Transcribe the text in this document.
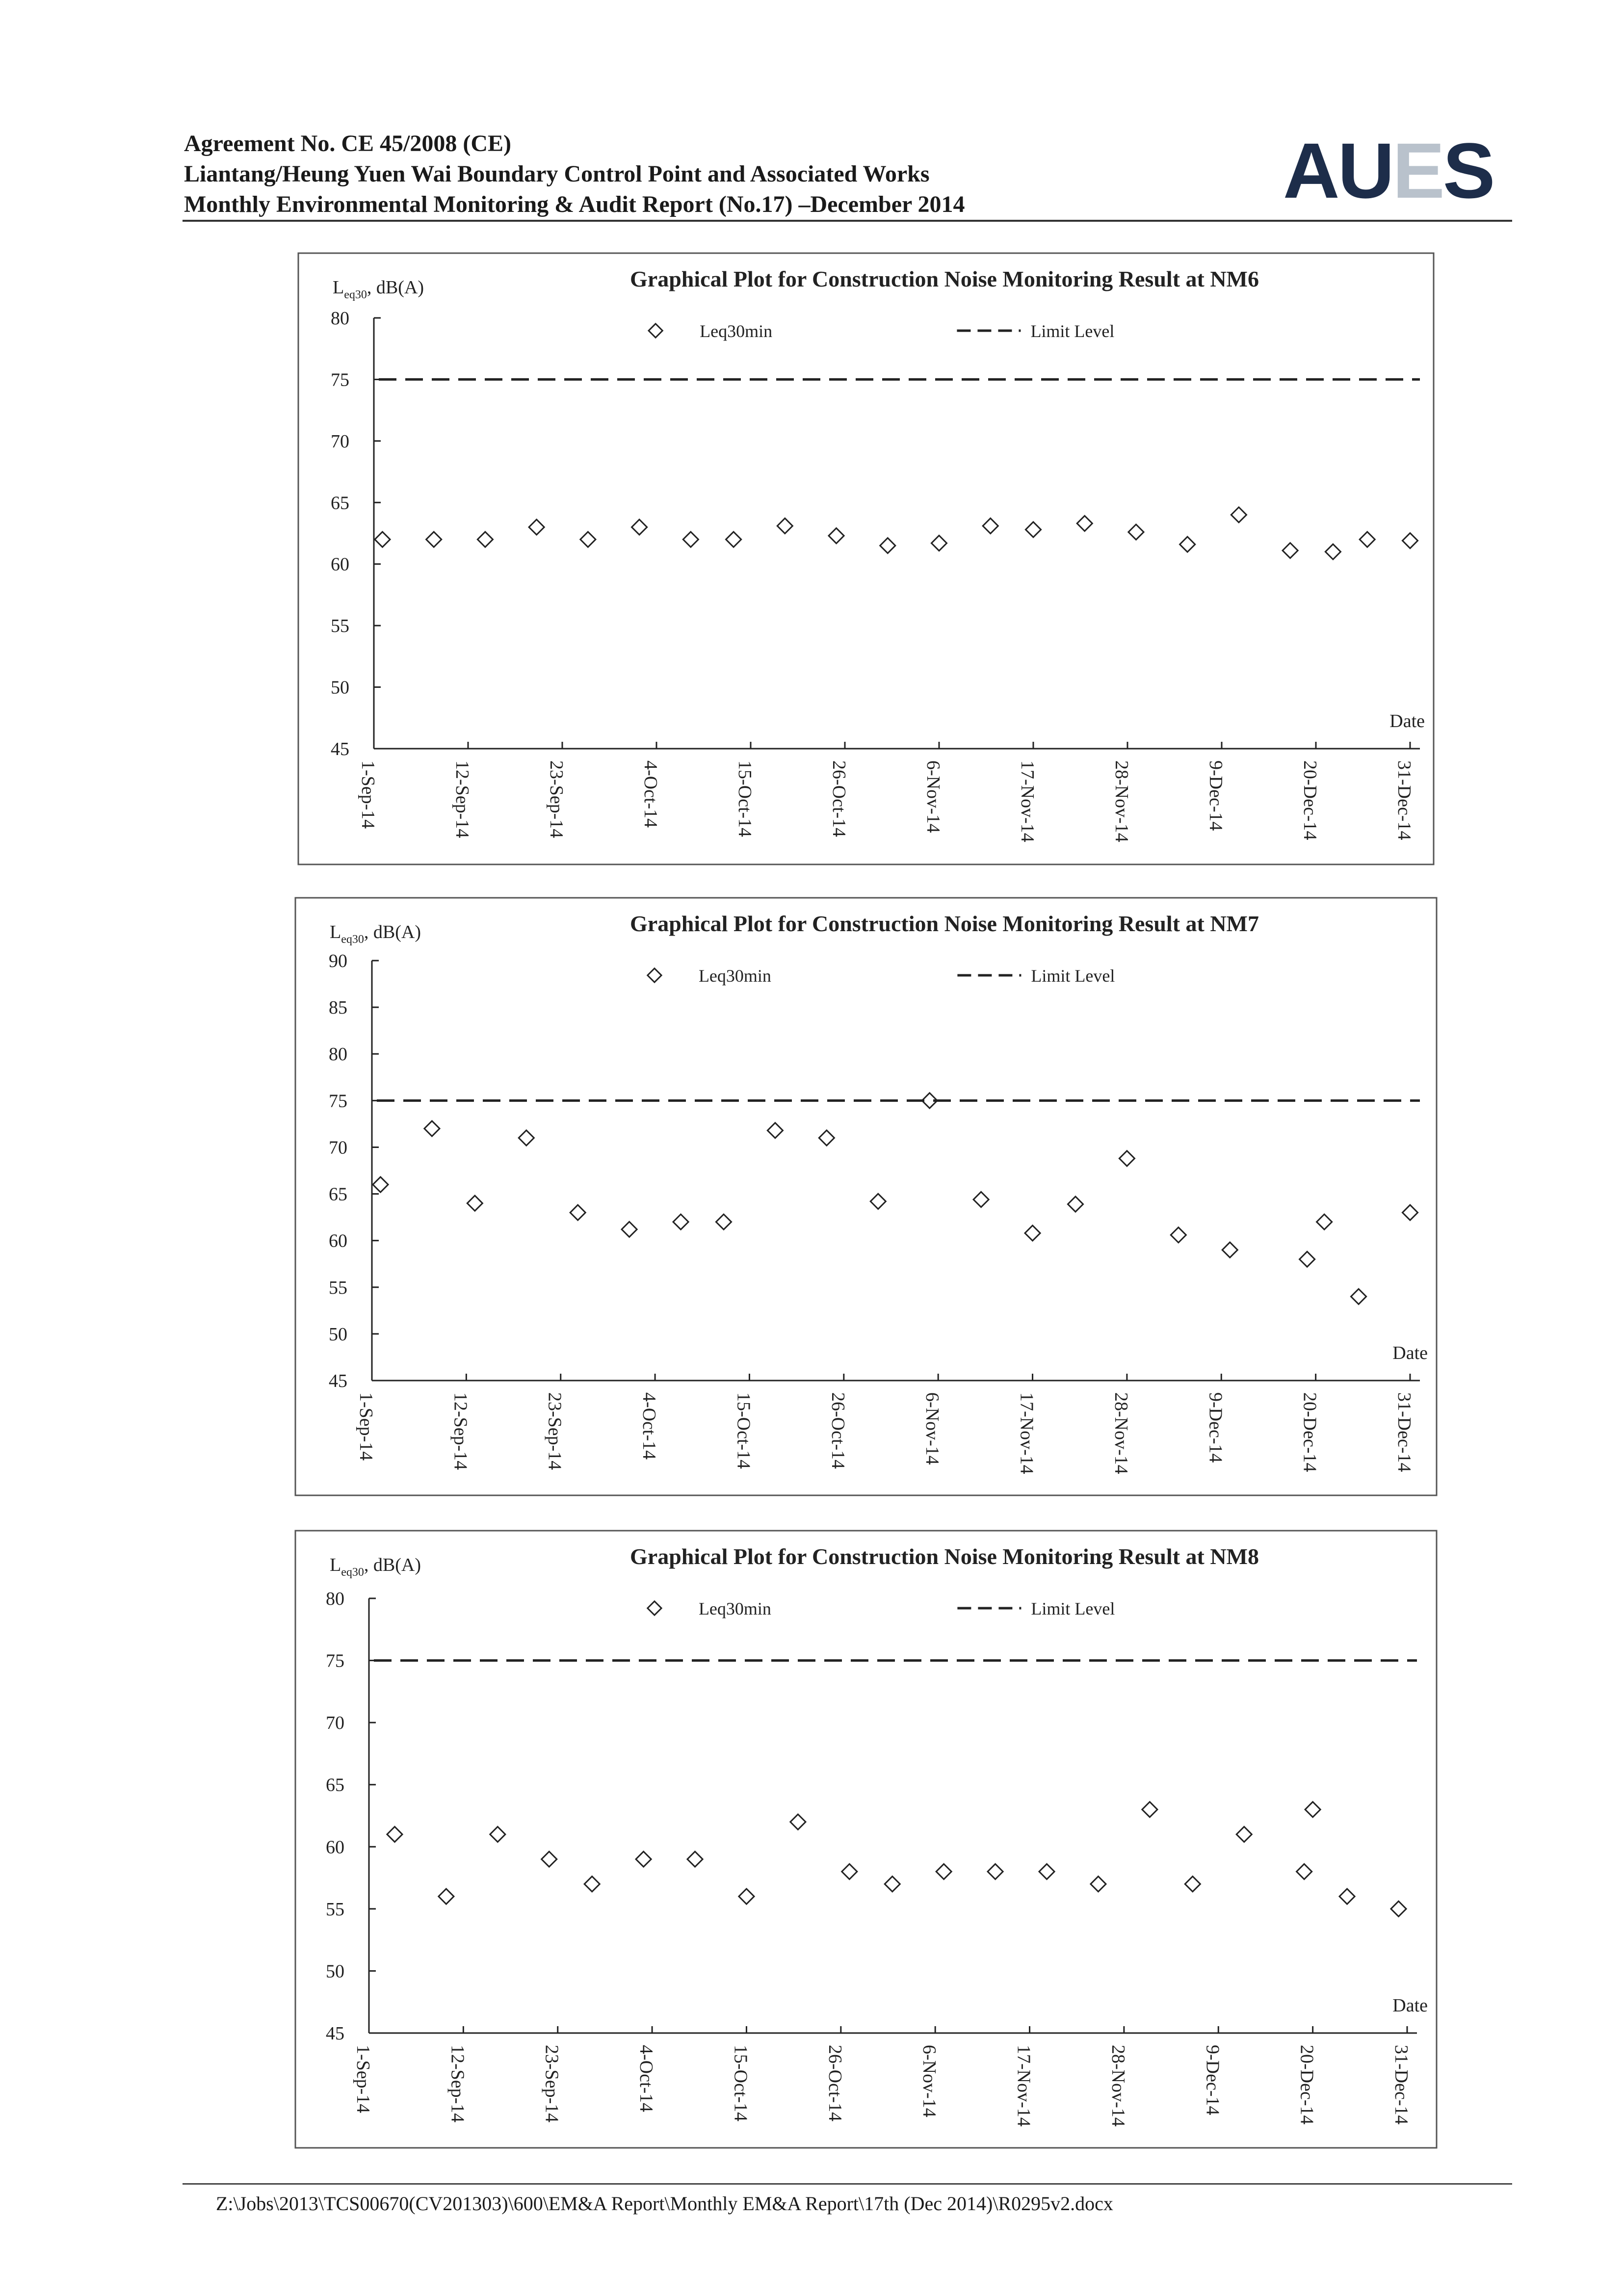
Agreement No. CE 45/2008 (CE)
Liantang/Heung Yuen Wai Boundary Control Point and Associated Works
Monthly Environmental Monitoring & Audit Report (No.17) –December 2014	AUES
Graphical Plot for Construction Noise Monitoring Result at NM6
$L_{eq30}$, dB(A)
Leq30min	Limit Level
45
50
55
60
65
70
75
80
1-Sep-14	12-Sep-14	23-Sep-14	4-Oct-14	15-Oct-14	26-Oct-14	6-Nov-14	17-Nov-14	28-Nov-14	9-Dec-14	20-Dec-14	31-Dec-14
Date
Graphical Plot for Construction Noise Monitoring Result at NM7
$L_{eq30}$, dB(A)
Leq30min	Limit Level
45
50
55
60
65
70
75
80
85
90
1-Sep-14	12-Sep-14	23-Sep-14	4-Oct-14	15-Oct-14	26-Oct-14	6-Nov-14	17-Nov-14	28-Nov-14	9-Dec-14	20-Dec-14	31-Dec-14
Date
Graphical Plot for Construction Noise Monitoring Result at NM8
$L_{eq30}$, dB(A)
Leq30min	Limit Level
45
50
55
60
65
70
75
80
1-Sep-14	12-Sep-14	23-Sep-14	4-Oct-14	15-Oct-14	26-Oct-14	6-Nov-14	17-Nov-14	28-Nov-14	9-Dec-14	20-Dec-14	31-Dec-14
Date
Z:\Jobs\2013\TCS00670(CV201303)\600\EM&A Report\Monthly EM&A Report\17th (Dec 2014)\R0295v2.docx
